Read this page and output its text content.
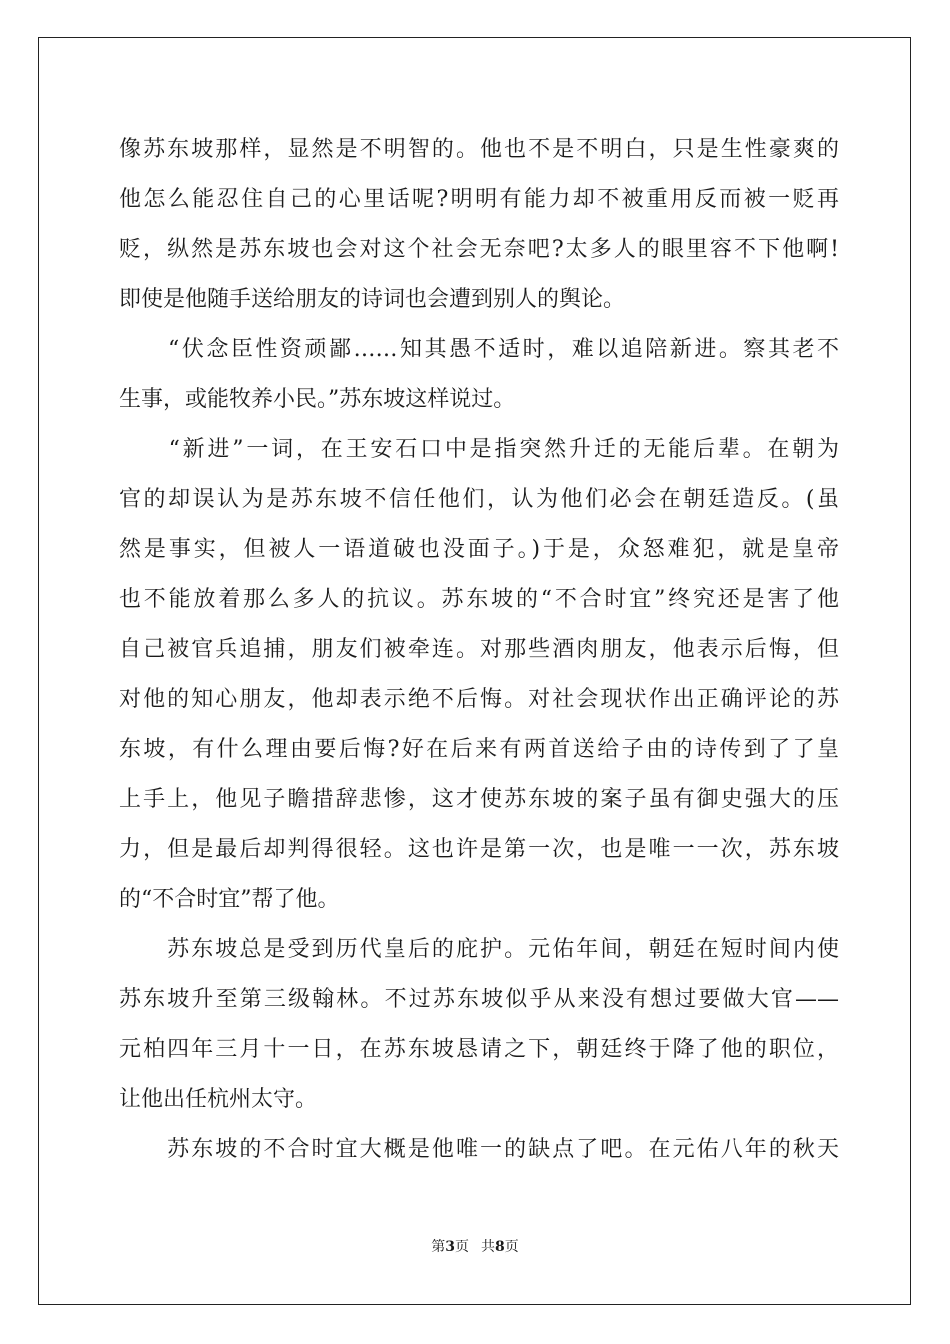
像苏东坡那样，显然是不明智的。他也不是不明白，只是生性豪爽的
他怎么能忍住自己的心里话呢?明明有能力却不被重用反而被一贬再
贬，纵然是苏东坡也会对这个社会无奈吧?太多人的眼里容不下他啊!
即使是他随手送给朋友的诗词也会遭到别人的舆论。
　　“伏念臣性资顽鄙……知其愚不适时，难以追陪新进。察其老不
生事，或能牧养小民。”苏东坡这样说过。
　　“新进”一词，在王安石口中是指突然升迁的无能后辈。在朝为
官的却误认为是苏东坡不信任他们，认为他们必会在朝廷造反。(虽
然是事实，但被人一语道破也没面子。)于是，众怒难犯，就是皇帝
也不能放着那么多人的抗议。苏东坡的“不合时宜”终究还是害了他
自己被官兵追捕，朋友们被牵连。对那些酒肉朋友，他表示后悔，但
对他的知心朋友，他却表示绝不后悔。对社会现状作出正确评论的苏
东坡，有什么理由要后悔?好在后来有两首送给子由的诗传到了了皇
上手上，他见子瞻措辞悲惨，这才使苏东坡的案子虽有御史强大的压
力，但是最后却判得很轻。这也许是第一次，也是唯一一次，苏东坡
的“不合时宜”帮了他。
　　苏东坡总是受到历代皇后的庇护。元佑年间，朝廷在短时间内使
苏东坡升至第三级翰林。不过苏东坡似乎从来没有想过要做大官——
元柏四年三月十一日，在苏东坡恳请之下，朝廷终于降了他的职位，
让他出任杭州太守。
　　苏东坡的不合时宜大概是他唯一的缺点了吧。在元佑八年的秋天
第3页 共8页
